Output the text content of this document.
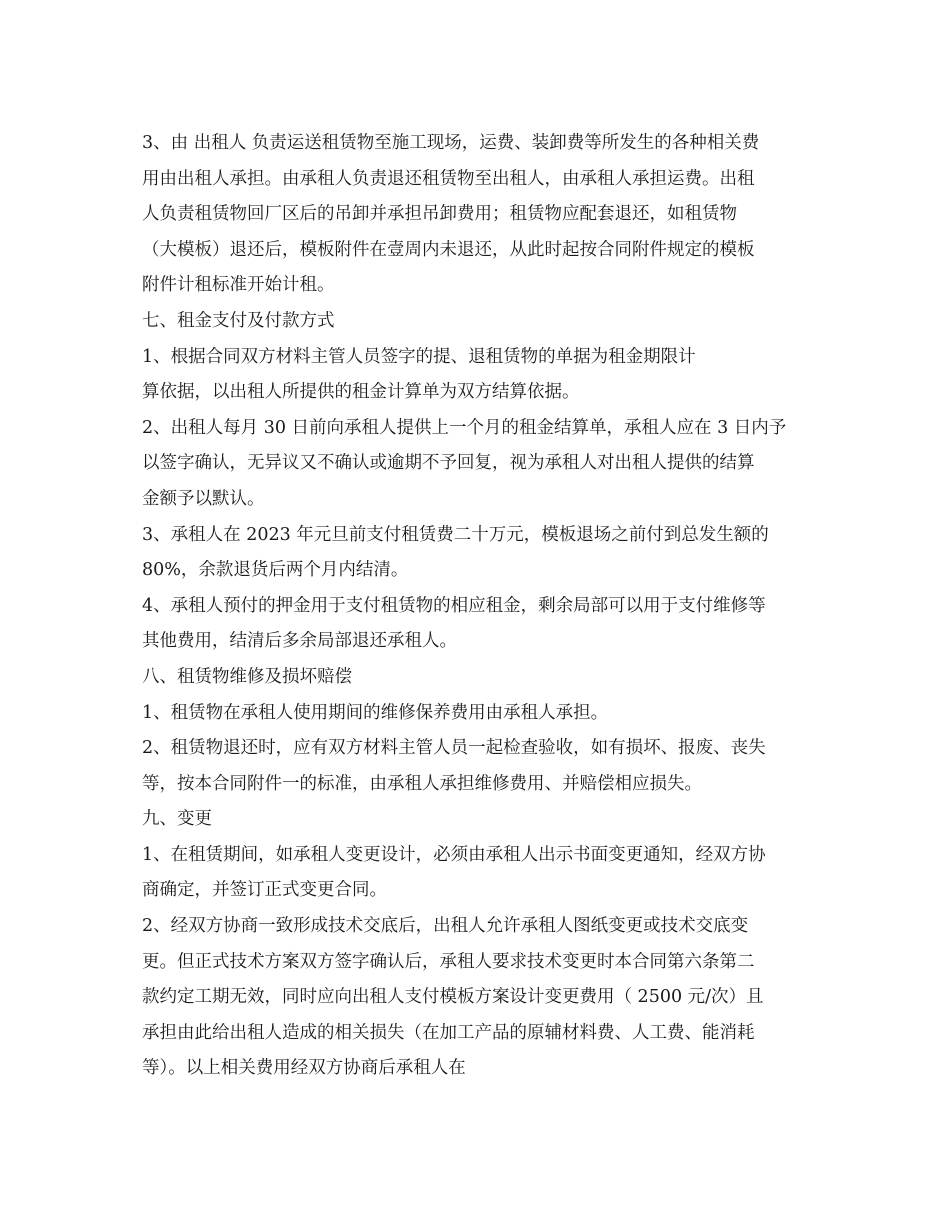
3、由 出租人 负责运送租赁物至施工现场，运费、装卸费等所发生的各种相关费
用由出租人承担。由承租人负责退还租赁物至出租人，由承租人承担运费。出租
人负责租赁物回厂区后的吊卸并承担吊卸费用；租赁物应配套退还，如租赁物
（大模板）退还后，模板附件在壹周内未退还，从此时起按合同附件规定的模板
附件计租标准开始计租。
七、租金支付及付款方式
1、根据合同双方材料主管人员签字的提、退租赁物的单据为租金期限计
算依据，以出租人所提供的租金计算单为双方结算依据。
2、出租人每月 30 日前向承租人提供上一个月的租金结算单，承租人应在 3 日内予
以签字确认，无异议又不确认或逾期不予回复，视为承租人对出租人提供的结算
金额予以默认。
3、承租人在 2023 年元旦前支付租赁费二十万元，模板退场之前付到总发生额的
80%，余款退货后两个月内结清。
4、承租人预付的押金用于支付租赁物的相应租金，剩余局部可以用于支付维修等
其他费用，结清后多余局部退还承租人。
八、租赁物维修及损坏赔偿
1、租赁物在承租人使用期间的维修保养费用由承租人承担。
2、租赁物退还时，应有双方材料主管人员一起检查验收，如有损坏、报废、丧失
等，按本合同附件一的标准，由承租人承担维修费用、并赔偿相应损失。
九、变更
1、在租赁期间，如承租人变更设计，必须由承租人出示书面变更通知，经双方协
商确定，并签订正式变更合同。
2、经双方协商一致形成技术交底后，出租人允许承租人图纸变更或技术交底变
更。但正式技术方案双方签字确认后，承租人要求技术变更时本合同第六条第二
款约定工期无效，同时应向出租人支付模板方案设计变更费用（ 2500 元/次）且
承担由此给出租人造成的相关损失（在加工产品的原辅材料费、人工费、能消耗
等）。以上相关费用经双方协商后承租人在
